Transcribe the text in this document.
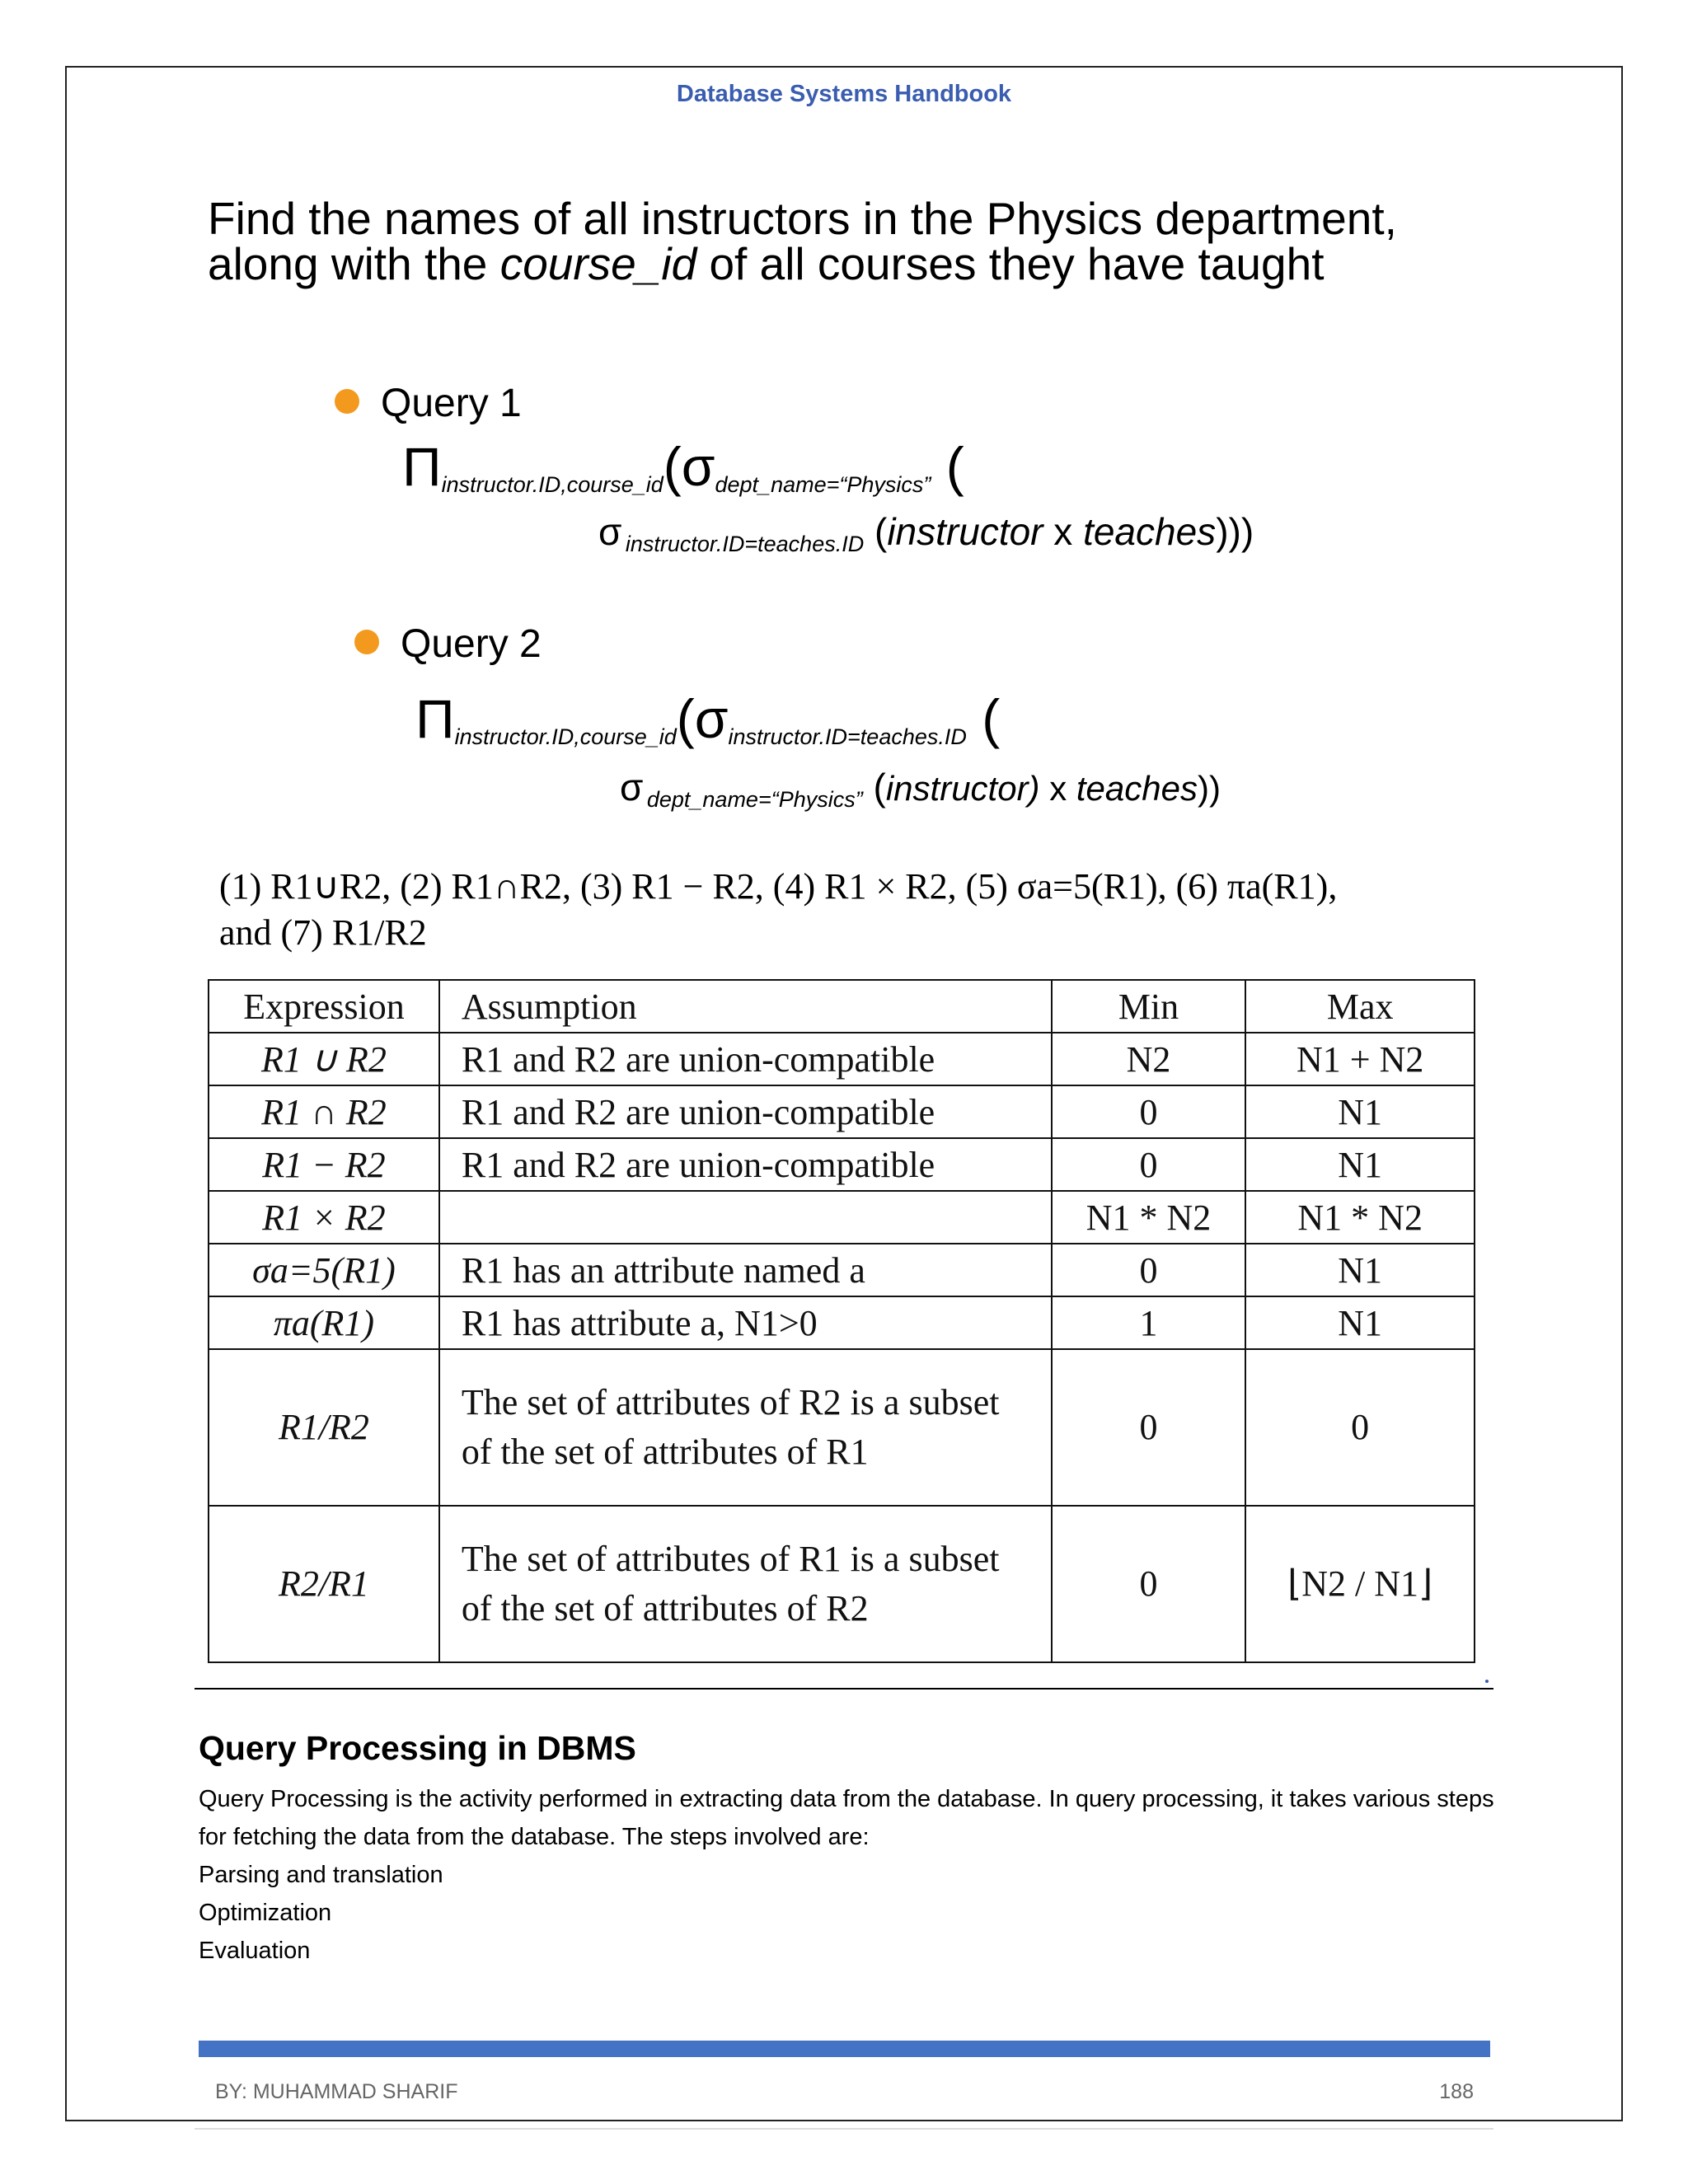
Database Systems Handbook
Find the names of all instructors in the Physics department,
along with the course_id of all courses they have taught
Query 1
Πinstructor.ID,course_id(σdept_name=“Physics” (
σ instructor.ID=teaches.ID (instructor x teaches)))
Query 2
Πinstructor.ID,course_id(σinstructor.ID=teaches.ID (
σ dept_name=“Physics” (instructor) x teaches))
(1) R1∪R2, (2) R1∩R2, (3) R1 − R2, (4) R1 × R2, (5) σa=5(R1), (6) πa(R1),
and (7) R1/R2
Expression	Assumption	Min	Max
R1 ∪ R2	R1 and R2 are union-compatible	N2	N1 + N2
R1 ∩ R2	R1 and R2 are union-compatible	0	N1
R1 − R2	R1 and R2 are union-compatible	0	N1
R1 × R2		N1 * N2	N1 * N2
σa=5(R1)	R1 has an attribute named a	0	N1
πa(R1)	R1 has attribute a, N1>0	1	N1
R1/R2	The set of attributes of R2 is a subset of the set of attributes of R1	0	0
R2/R1	The set of attributes of R1 is a subset of the set of attributes of R2	0	⌊N2 / N1⌋
Query Processing in DBMS

Query Processing is the activity performed in extracting data from the database. In query processing, it takes various steps for fetching the data from the database. The steps involved are:

Parsing and translation

Optimization

Evaluation

BY: MUHAMMAD SHARIF	188
